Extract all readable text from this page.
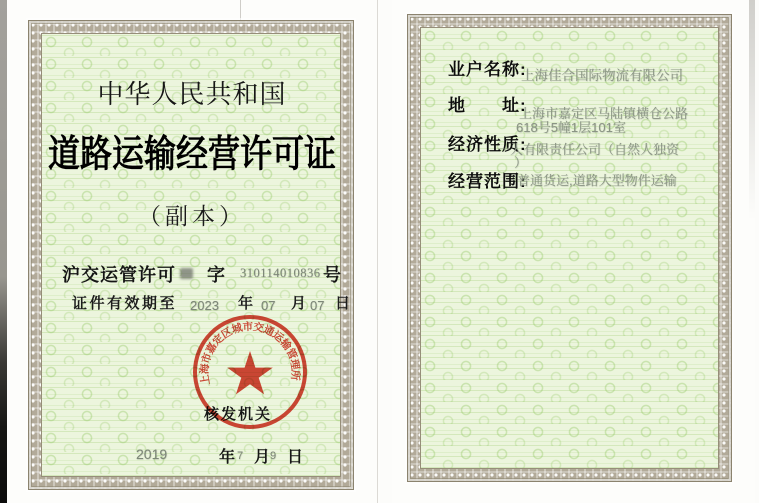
中华人民共和国
道路运输经营许可证
（副本）
沪交运管许可 字 310114010836 号
证件有效期至 2023 年 07 月 07 日
核发机关
2019	年 7 月 9 日
上海市嘉定区城市交通运输管理所
业户名称:
上海佳合国际物流有限公司
地　　址:
上海市嘉定区马陆镇横仓公路
618号5幢1层101室
经济性质:
一人有限责任公司（自然人独资
）
经营范围:
普通货运,道路大型物件运输
